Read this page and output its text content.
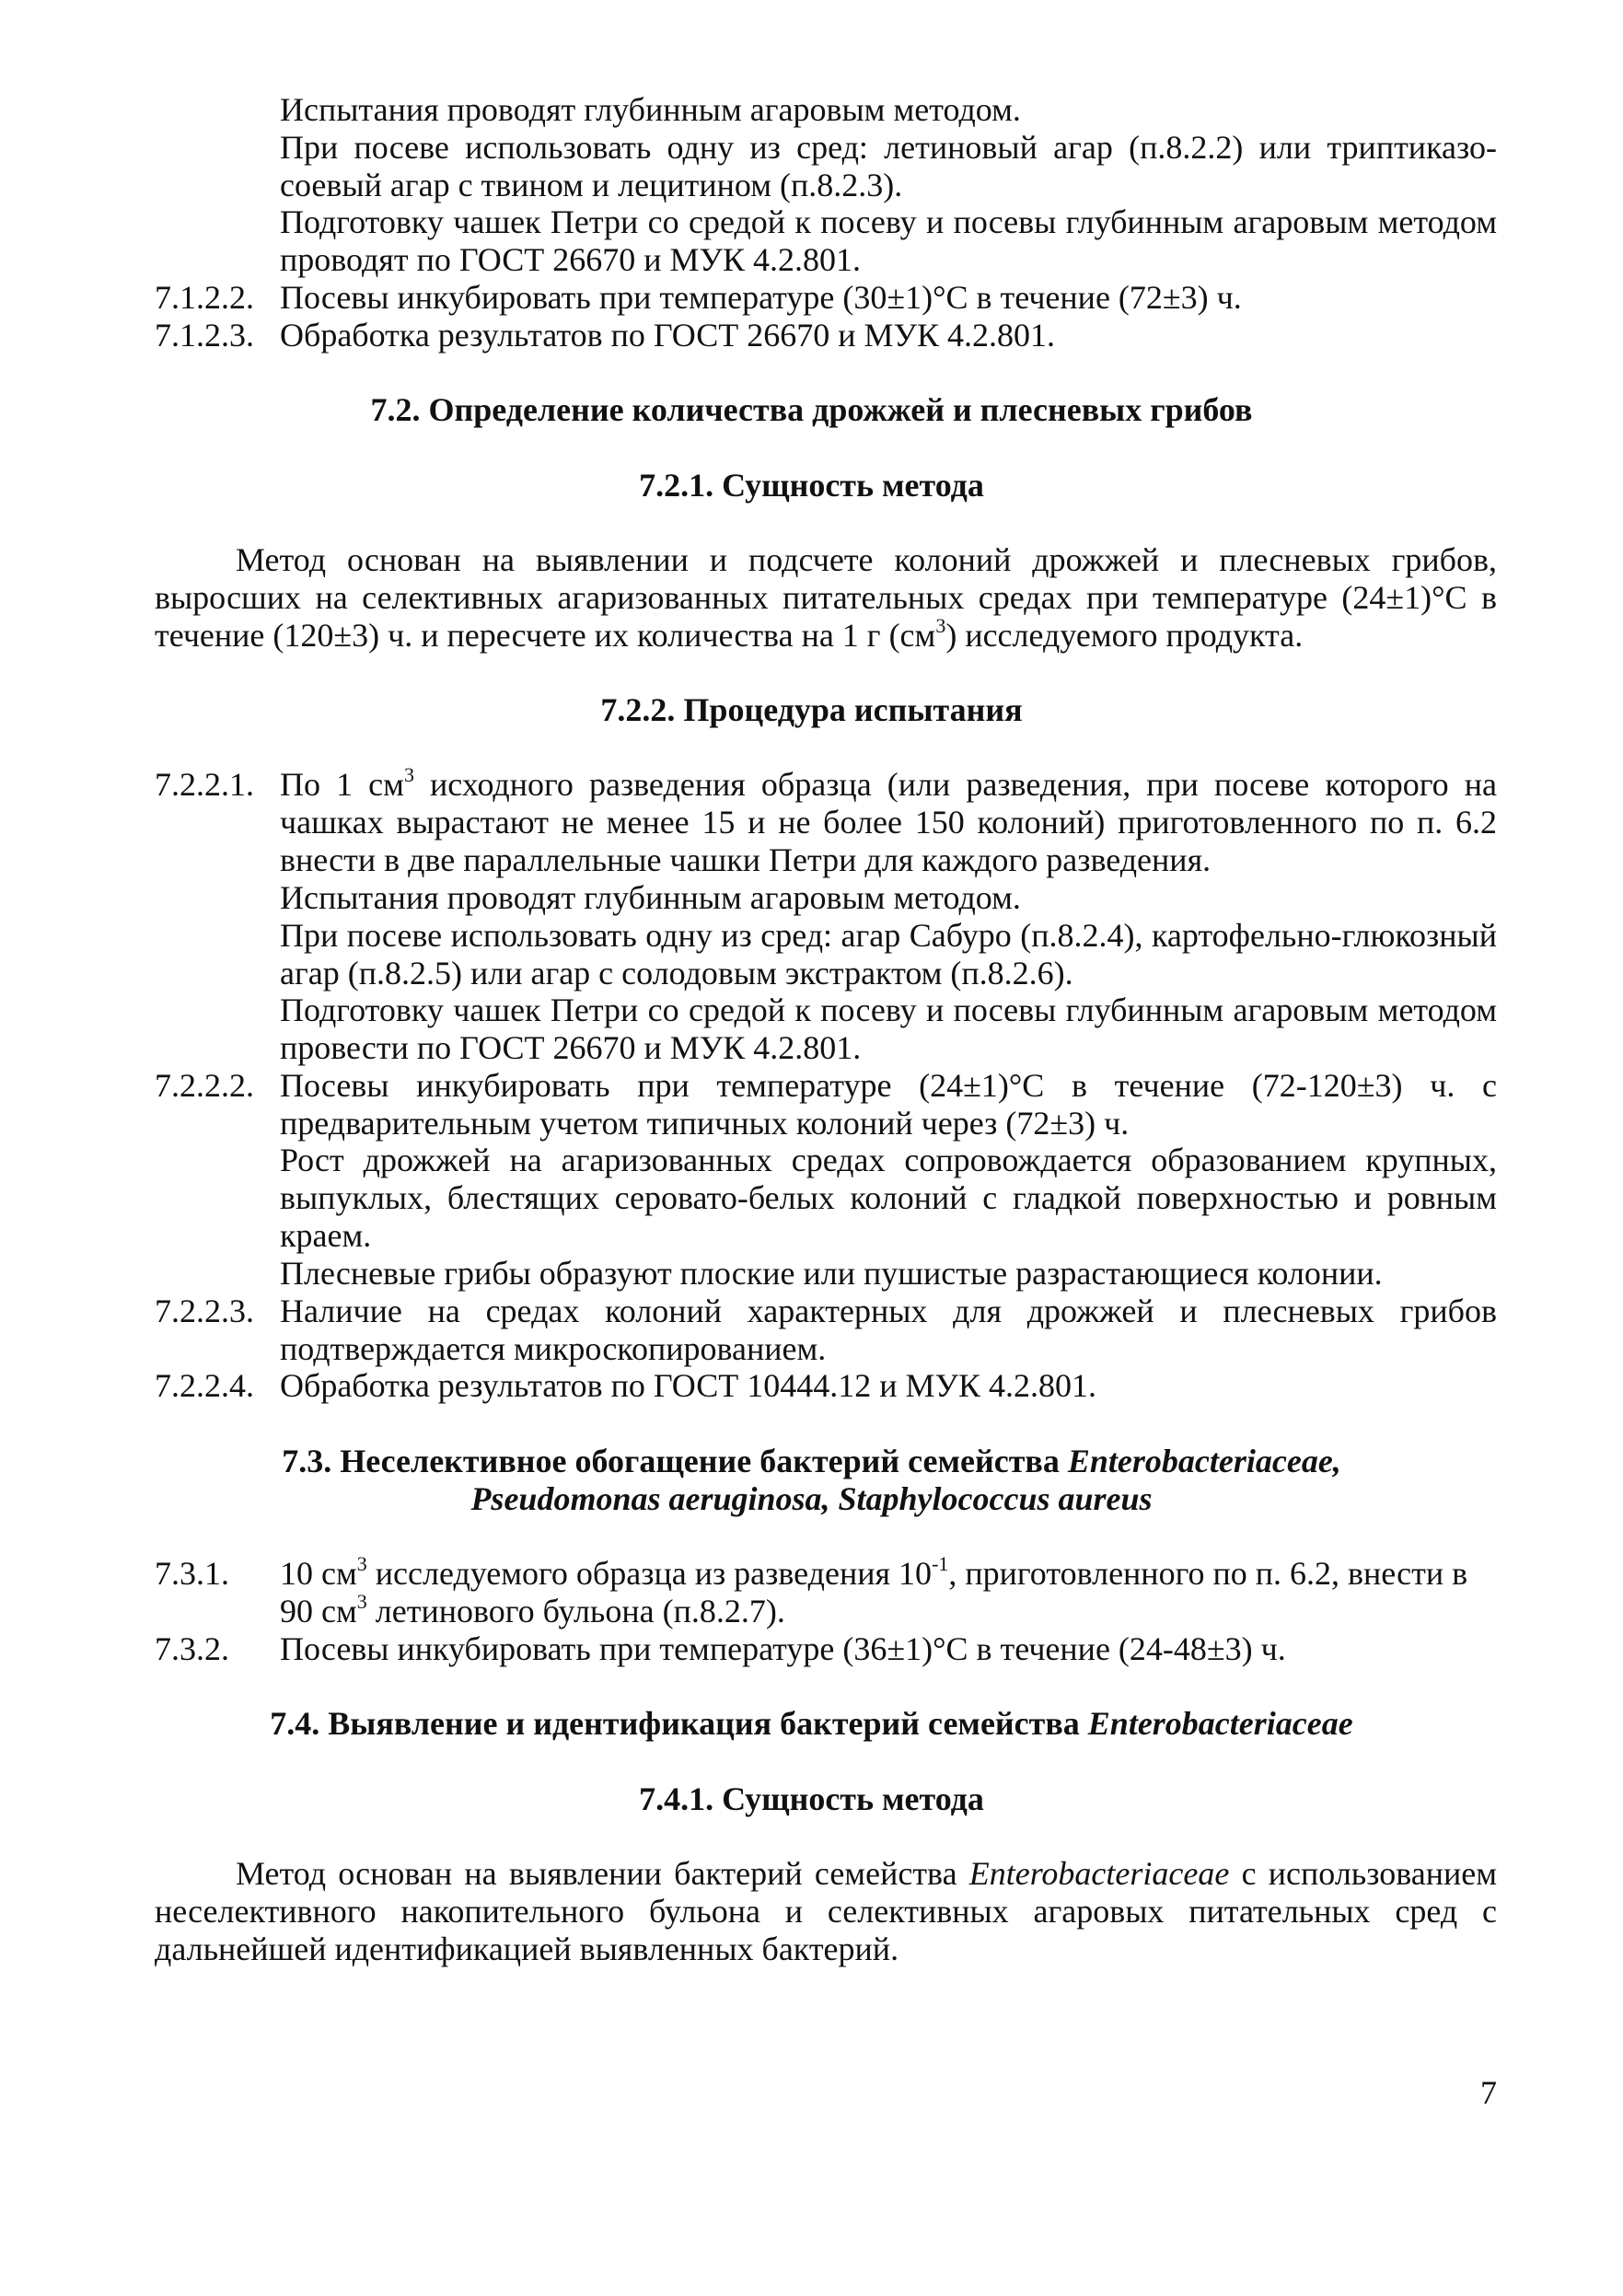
Испытания проводят глубинным агаровым методом.
При посеве использовать одну из сред: летиновый агар (п.8.2.2) или триптиказо-соевый агар с твином и лецитином (п.8.2.3).
Подготовку чашек Петри со средой к посеву и посевы глубинным агаровым методом проводят по ГОСТ 26670 и МУК 4.2.801.
7.1.2.2. Посевы инкубировать при температуре (30±1)°С в течение (72±3) ч.
7.1.2.3. Обработка результатов по ГОСТ 26670 и МУК 4.2.801.
7.2. Определение количества дрожжей и плесневых грибов
7.2.1. Сущность метода
Метод основан на выявлении и подсчете колоний дрожжей и плесневых грибов, выросших на селективных агаризованных питательных средах при температуре (24±1)°С в течение (120±3) ч. и пересчете их количества на 1 г $(см^3)$ исследуемого продукта.
7.2.2. Процедура испытания
7.2.2.1. По 1 $см^3$ исходного разведения образца (или разведения, при посеве которого на чашках вырастают не менее 15 и не более 150 колоний) приготовленного по п. 6.2 внести в две параллельные чашки Петри для каждого разведения.
Испытания проводят глубинным агаровым методом.
При посеве использовать одну из сред: агар Сабуро (п.8.2.4), картофельно-глюкозный агар (п.8.2.5) или агар с солодовым экстрактом (п.8.2.6).
Подготовку чашек Петри со средой к посеву и посевы глубинным агаровым методом провести по ГОСТ 26670 и МУК 4.2.801.
7.2.2.2. Посевы инкубировать при температуре (24±1)°С в течение (72-120±3) ч. с предварительным учетом типичных колоний через (72±3) ч.
Рост дрожжей на агаризованных средах сопровождается образованием крупных, выпуклых, блестящих серовато-белых колоний с гладкой поверхностью и ровным краем.
Плесневые грибы образуют плоские или пушистые разрастающиеся колонии.
7.2.2.3. Наличие на средах колоний характерных для дрожжей и плесневых грибов подтверждается микроскопированием.
7.2.2.4. Обработка результатов по ГОСТ 10444.12 и МУК 4.2.801.
7.3. Неселективное обогащение бактерий семейства Enterobacteriaceae,
Pseudomonas aeruginosa, Staphylococcus aureus
7.3.1. 10 $см^3$ исследуемого образца из разведения $10^{-1}$, приготовленного по п. 6.2, внести в 90 $см^3$ летинового бульона (п.8.2.7).
7.3.2. Посевы инкубировать при температуре (36±1)°С в течение (24-48±3) ч.
7.4. Выявление и идентификация бактерий семейства Enterobacteriaceae
7.4.1. Сущность метода
Метод основан на выявлении бактерий семейства Enterobacteriaceae с использованием неселективного накопительного бульона и селективных агаровых питательных сред с дальнейшей идентификацией выявленных бактерий.
7
